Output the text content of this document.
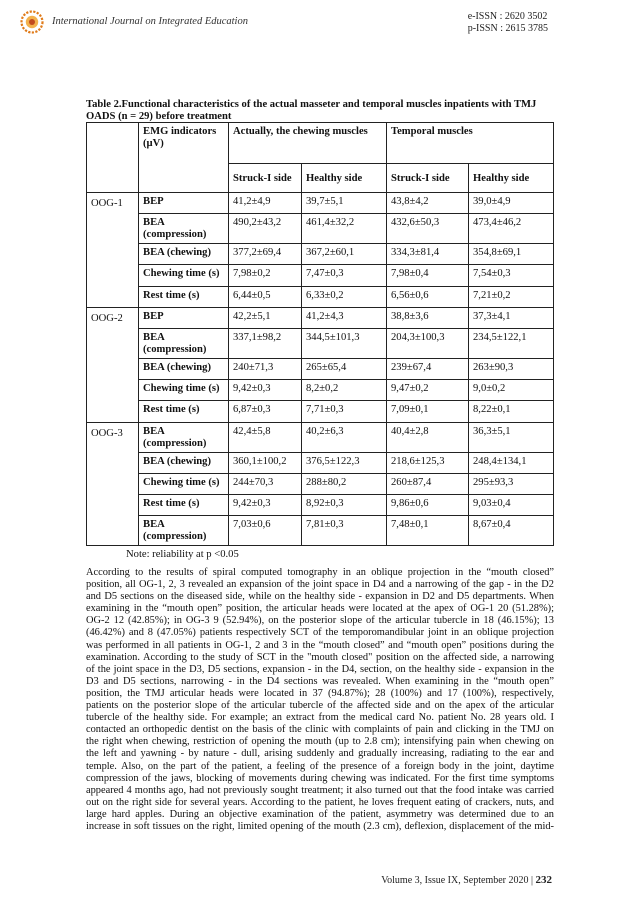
International Journal on Integrated Education	e-ISSN : 2620 3502
p-ISSN : 2615 3785
Table 2.Functional characteristics of the actual masseter and temporal muscles inpatients with TMJ OADS (n = 29) before treatment
	EMG indicators (µV)	Actually, the chewing muscles		Temporal muscles	
		Struck-I side	Healthy side	Struck-I side	Healthy side
OOG-1	BEP	41,2±4,9	39,7±5,1	43,8±4,2	39,0±4,9
	BEA (compression)	490,2±43,2	461,4±32,2	432,6±50,3	473,4±46,2
	BEA (chewing)	377,2±69,4	367,2±60,1	334,3±81,4	354,8±69,1
	Chewing time (s)	7,98±0,2	7,47±0,3	7,98±0,4	7,54±0,3
	Rest time (s)	6,44±0,5	6,33±0,2	6,56±0,6	7,21±0,2
OOG-2	BEP	42,2±5,1	41,2±4,3	38,8±3,6	37,3±4,1
	BEA (compression)	337,1±98,2	344,5±101,3	204,3±100,3	234,5±122,1
	BEA (chewing)	240±71,3	265±65,4	239±67,4	263±90,3
	Chewing time (s)	9,42±0,3	8,2±0,2	9,47±0,2	9,0±0,2
	Rest time (s)	6,87±0,3	7,71±0,3	7,09±0,1	8,22±0,1
OOG-3	BEA (compression)	42,4±5,8	40,2±6,3	40,4±2,8	36,3±5,1
	BEA (chewing)	360,1±100,2	376,5±122,3	218,6±125,3	248,4±134,1
	Chewing time (s)	244±70,3	288±80,2	260±87,4	295±93,3
	Rest time (s)	9,42±0,3	8,92±0,3	9,86±0,6	9,03±0,4
	BEA (compression)	7,03±0,6	7,81±0,3	7,48±0,1	8,67±0,4
Note: reliability at p <0.05
According to the results of spiral computed tomography in an oblique projection in the “mouth closed”
position, all OG-1, 2, 3 revealed an expansion of the joint space in D4 and a narrowing of the gap - in the D2
and D5 sections on the diseased side, while on the healthy side - expansion in D2 and D5 departments. When
examining in the “mouth open” position, the articular heads were located at the apex of OG-1 20 (51.28%);
OG-2 12 (42.85%); in OG-3 9 (52.94%), on the posterior slope of the articular tubercle in 18 (46.15%); 13
(46.42%) and 8 (47.05%) patients respectively SCT of the temporomandibular joint in an oblique projection
was performed in all patients in OG-1, 2 and 3 in the “mouth closed” and “mouth open” positions during the
examination. According to the study of SCT in the "mouth closed" position on the affected side, a narrowing
of the joint space in the D3, D5 sections, expansion - in the D4, section, on the healthy side - expansion in the
D3 and D5 sections, narrowing - in the D4 sections was revealed. When examining in the “mouth open”
position, the TMJ articular heads were located in 37 (94.87%); 28 (100%) and 17 (100%), respectively,
patients on the posterior slope of the articular tubercle of the affected side and on the apex of the articular
tubercle of the healthy side. For example; an extract from the medical card No. patient No. 28 years old. I
contacted an orthopedic dentist on the basis of the clinic with complaints of pain and clicking in the TMJ on
the right when chewing, restriction of opening the mouth (up to 2.8 cm); intensifying pain when chewing on
the left and yawning - by nature - dull, arising suddenly and gradually increasing, radiating to the ear and
temple. Also, on the part of the patient, a feeling of the presence of a foreign body in the joint, daytime
compression of the jaws, blocking of movements during chewing was indicated. For the first time symptoms
appeared 4 months ago, had not previously sought treatment; it also turned out that the food intake was carried
out on the right side for several years. According to the patient, he loves frequent eating of crackers, nuts, and
large hard apples. During an objective examination of the patient, asymmetry was determined due to an
increase in soft tissues on the right, limited opening of the mouth (2.3 cm), deflexion, displacement of the mid-
Volume 3, Issue IX, September 2020 | 232
